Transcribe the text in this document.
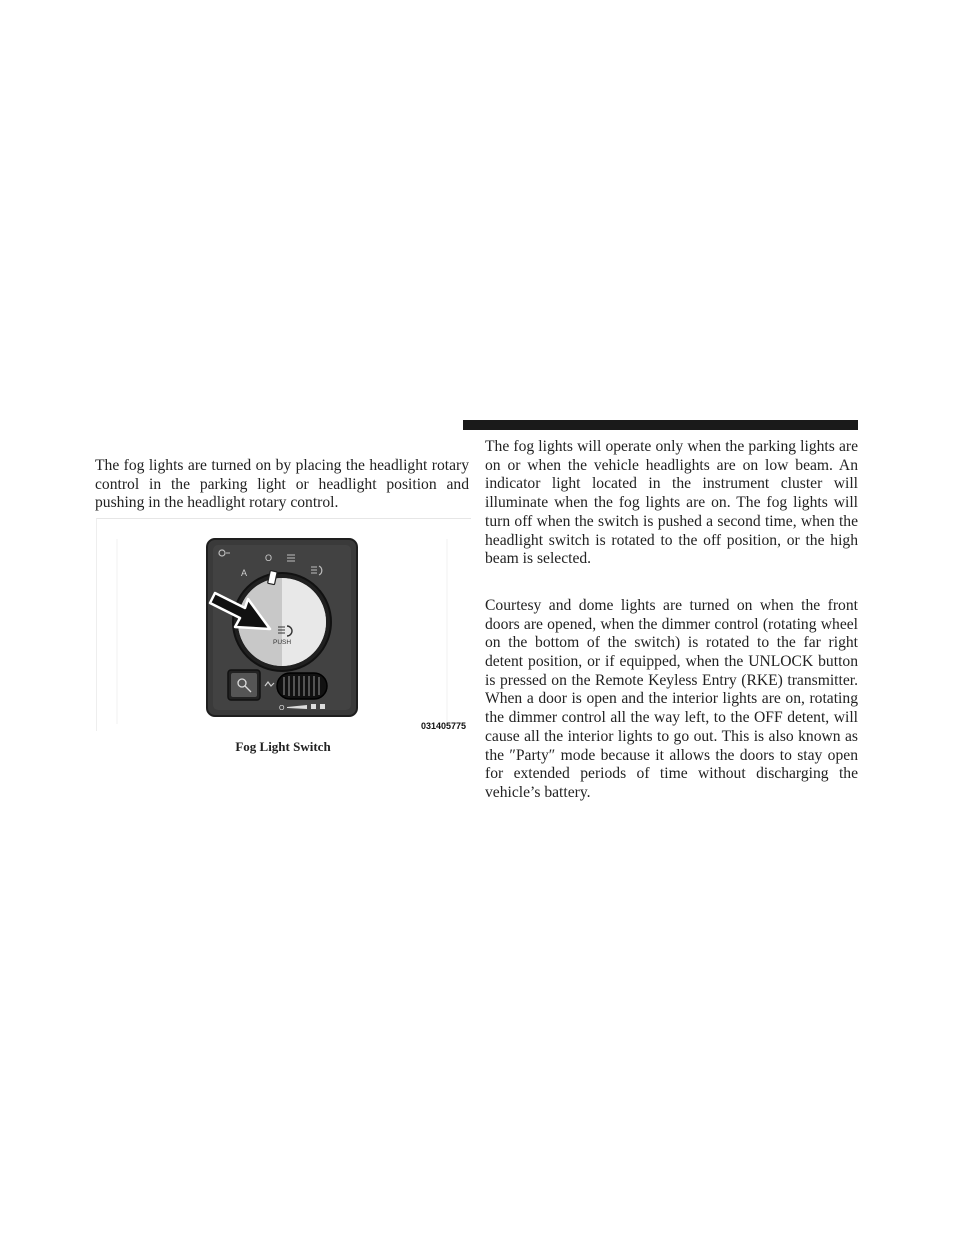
The fog lights are turned on by placing the headlight rotary control in the parking light or headlight position and pushing in the headlight rotary control.

O
A
PUSH
O
031405775
Fog Light Switch

The fog lights will operate only when the parking lights are on or when the vehicle headlights are on low beam. An indicator light located in the instrument cluster will illuminate when the fog lights are on. The fog lights will turn off when the switch is pushed a second time, when the headlight switch is rotated to the off position, or the high beam is selected.

Courtesy and dome lights are turned on when the front doors are opened, when the dimmer control (rotating wheel on the bottom of the switch) is rotated to the far right detent position, or if equipped, when the UNLOCK button is pressed on the Remote Keyless Entry (RKE) transmitter. When a door is open and the interior lights are on, rotating the dimmer control all the way left, to the OFF detent, will cause all the interior lights to go out. This is also known as the ″Party″ mode because it allows the doors to stay open for extended periods of time without discharging the vehicle’s battery.
